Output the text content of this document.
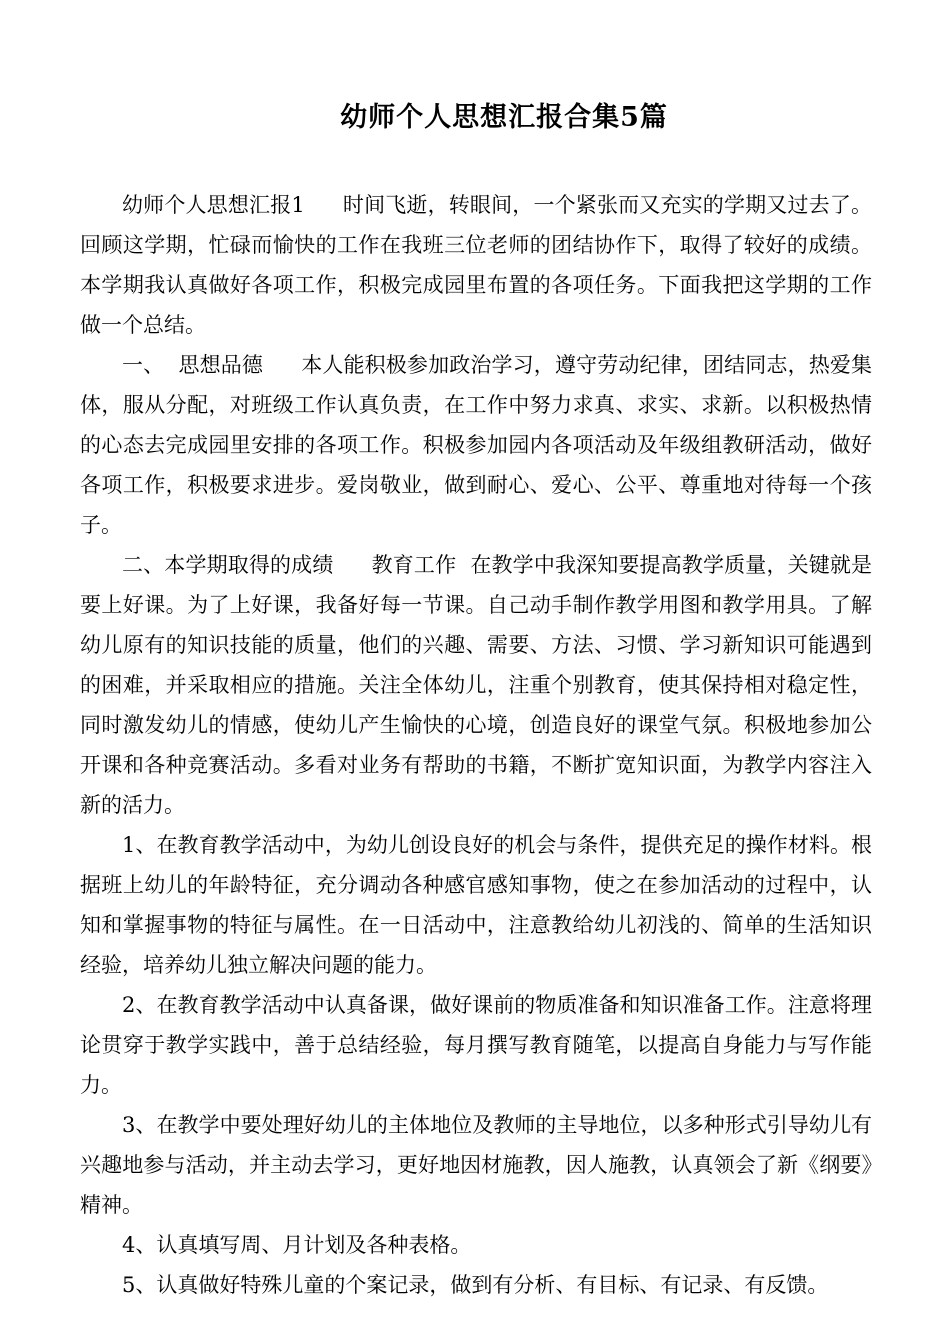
幼师个人思想汇报合集5篇

幼师个人思想汇报1 时间飞逝，转眼间，一个紧张而又充实的学期又过去了。回顾这学期，忙碌而愉快的工作在我班三位老师的团结协作下，取得了较好的成绩。本学期我认真做好各项工作，积极完成园里布置的各项任务。下面我把这学期的工作做一个总结。

一、 思想品德 本人能积极参加政治学习，遵守劳动纪律，团结同志，热爱集体，服从分配，对班级工作认真负责，在工作中努力求真、求实、求新。以积极热情的心态去完成园里安排的各项工作。积极参加园内各项活动及年级组教研活动，做好各项工作，积极要求进步。爱岗敬业，做到耐心、爱心、公平、尊重地对待每一个孩子。

二、本学期取得的成绩 教育工作 在教学中我深知要提高教学质量，关键就是要上好课。为了上好课，我备好每一节课。自己动手制作教学用图和教学用具。了解幼儿原有的知识技能的质量，他们的兴趣、需要、方法、习惯、学习新知识可能遇到的困难，并采取相应的措施。关注全体幼儿，注重个别教育，使其保持相对稳定性，同时激发幼儿的情感，使幼儿产生愉快的心境，创造良好的课堂气氛。积极地参加公开课和各种竞赛活动。多看对业务有帮助的书籍，不断扩宽知识面，为教学内容注入新的活力。

1、在教育教学活动中，为幼儿创设良好的机会与条件，提供充足的操作材料。根据班上幼儿的年龄特征，充分调动各种感官感知事物，使之在参加活动的过程中，认知和掌握事物的特征与属性。在一日活动中，注意教给幼儿初浅的、简单的生活知识经验，培养幼儿独立解决问题的能力。

2、在教育教学活动中认真备课，做好课前的物质准备和知识准备工作。注意将理论贯穿于教学实践中，善于总结经验，每月撰写教育随笔，以提高自身能力与写作能力。

3、在教学中要处理好幼儿的主体地位及教师的主导地位，以多种形式引导幼儿有兴趣地参与活动，并主动去学习，更好地因材施教，因人施教，认真领会了新《纲要》精神。

4、认真填写周、月计划及各种表格。

5、认真做好特殊儿童的个案记录，做到有分析、有目标、有记录、有反馈。
